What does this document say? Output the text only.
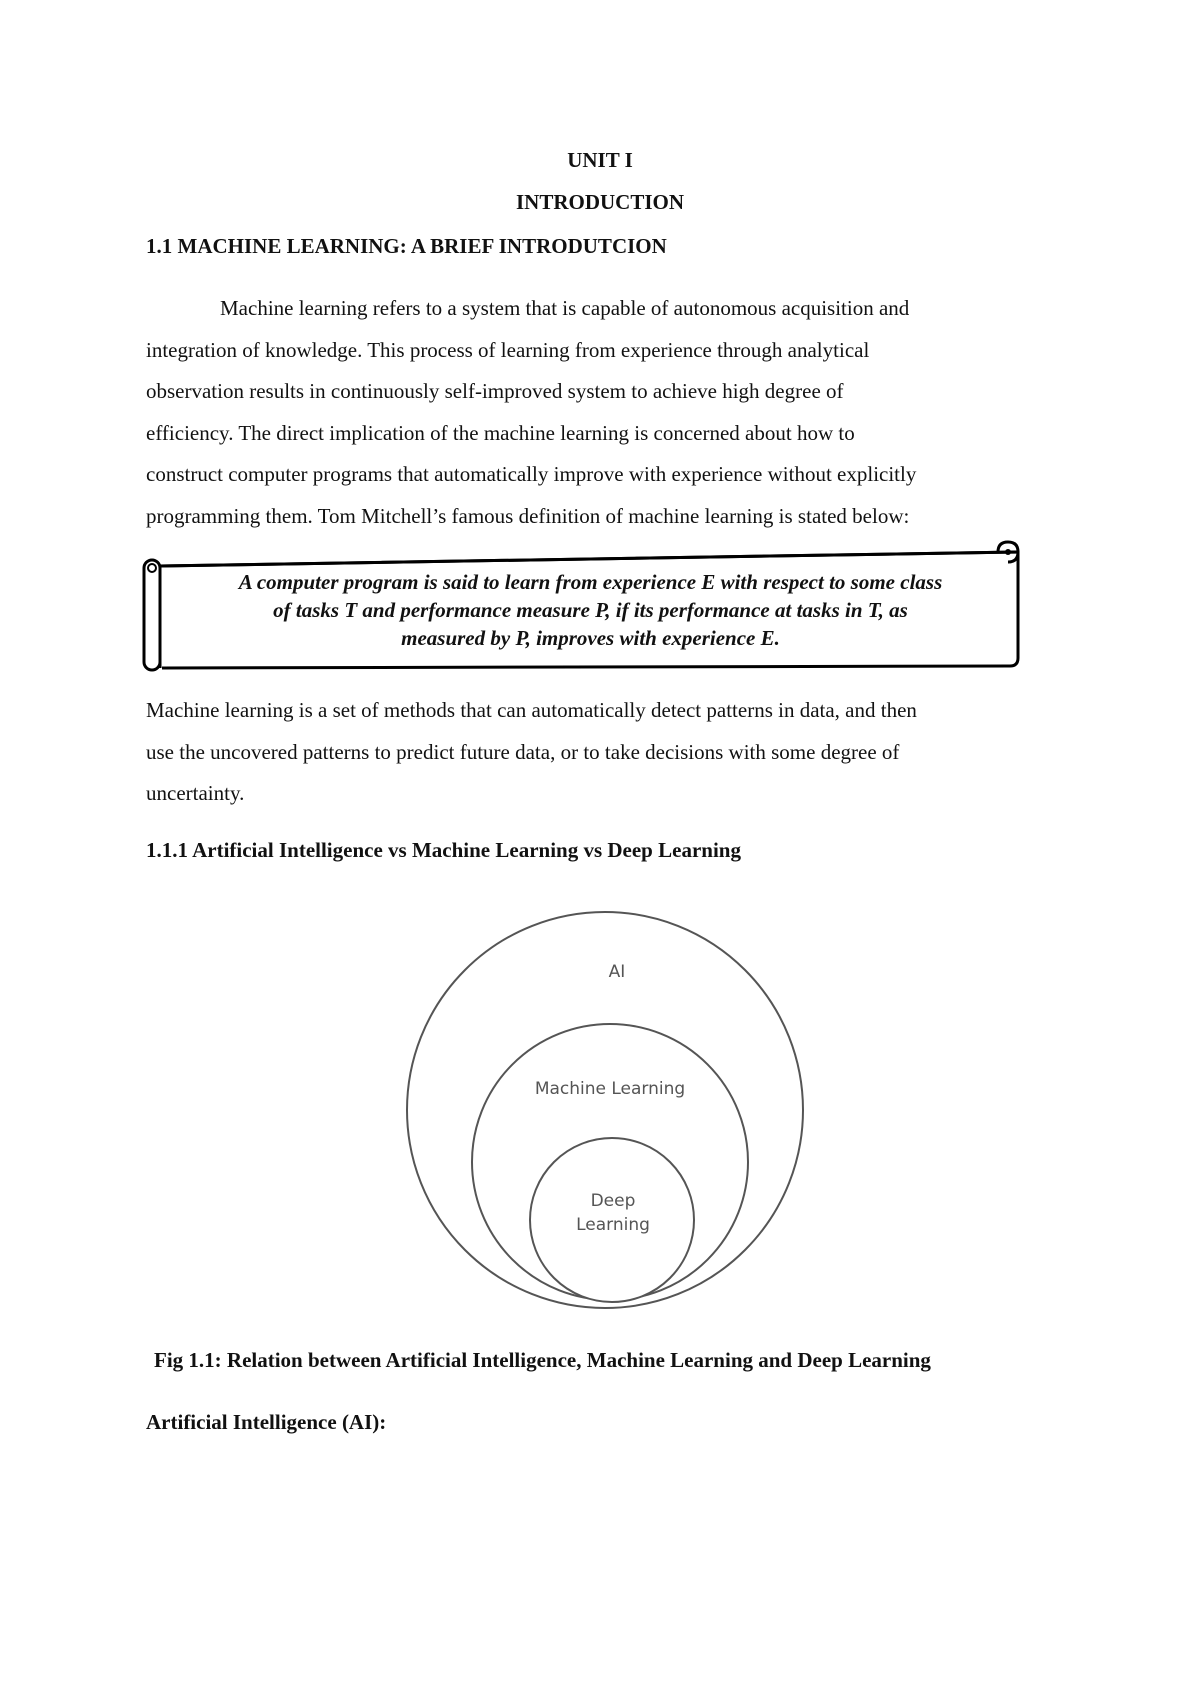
UNIT I
INTRODUCTION
1.1 MACHINE LEARNING: A BRIEF INTRODUTCION
Machine learning refers to a system that is capable of autonomous acquisition and
integration of knowledge. This process of learning from experience through analytical
observation results in continuously self-improved system to achieve high degree of
efficiency. The direct implication of the machine learning is concerned about how to
construct computer programs that automatically improve with experience without explicitly
programming them. Tom Mitchell’s famous definition of machine learning is stated below:
A computer program is said to learn from experience E with respect to some class
of tasks T and performance measure P, if its performance at tasks in T, as
measured by P, improves with experience E.
Machine learning is a set of methods that can automatically detect patterns in data, and then
use the uncovered patterns to predict future data, or to take decisions with some degree of
uncertainty.
1.1.1 Artificial Intelligence vs Machine Learning vs Deep Learning
AI
Machine Learning
Deep
Learning
Fig 1.1: Relation between Artificial Intelligence, Machine Learning and Deep Learning
Artificial Intelligence (AI):
